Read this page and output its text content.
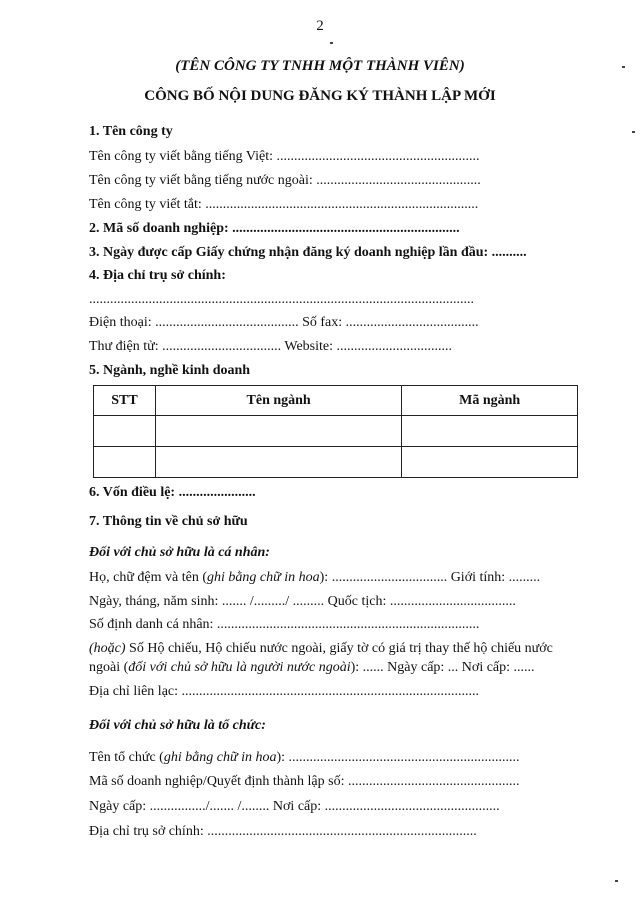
2
(TÊN CÔNG TY TNHH MỘT THÀNH VIÊN)
CÔNG BỐ NỘI DUNG ĐĂNG KÝ THÀNH LẬP MỚI
1. Tên công ty
Tên công ty viết bằng tiếng Việt: ..........................................................
Tên công ty viết bằng tiếng nước ngoài: ...............................................
Tên công ty viết tắt: ..............................................................................
2. Mã số doanh nghiệp: .................................................................
3. Ngày được cấp Giấy chứng nhận đăng ký doanh nghiệp lần đầu: ..........
4. Địa chỉ trụ sở chính:
..............................................................................................................
Điện thoại: ......................................... Số fax: ......................................
Thư điện tử: .................................. Website: .................................
5. Ngành, nghề kinh doanh
STT	Tên ngành	Mã ngành

6. Vốn điều lệ: ......................
7. Thông tin về chủ sở hữu
Đối với chủ sở hữu là cá nhân:
Họ, chữ đệm và tên (ghi bằng chữ in hoa): ................................. Giới tính: .........
Ngày, tháng, năm sinh: ....... /........./ ......... Quốc tịch: ....................................
Số định danh cá nhân: ...........................................................................
(hoặc) Số Hộ chiếu, Hộ chiếu nước ngoài, giấy tờ có giá trị thay thế hộ chiếu nước
ngoài (đối với chủ sở hữu là người nước ngoài): ...... Ngày cấp: ... Nơi cấp: ......
Địa chỉ liên lạc: .....................................................................................
Đối với chủ sở hữu là tổ chức:
Tên tổ chức (ghi bằng chữ in hoa): ..................................................................
Mã số doanh nghiệp/Quyết định thành lập số: .................................................
Ngày cấp: ................/....... /........ Nơi cấp: ..................................................
Địa chỉ trụ sở chính: .............................................................................
